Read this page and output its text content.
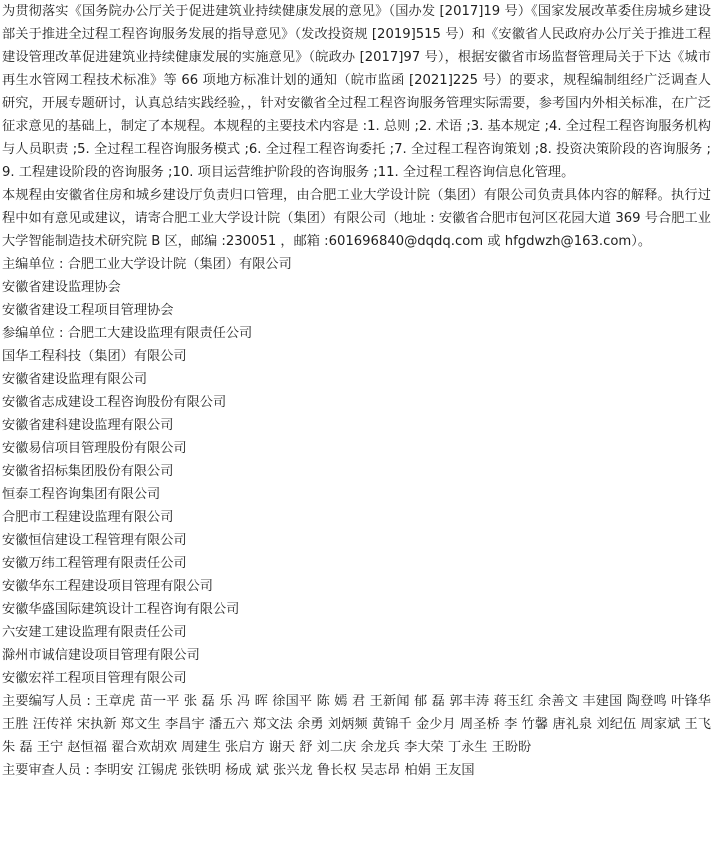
为贯彻落实《国务院办公厅关于促进建筑业持续健康发展的意见》（国办发 [2017]19 号）《国家发展改革委住房城乡建设部关于推进全过程工程咨询服务发展的指导意见》（发改投资规 [2019]515 号）和《安徽省人民政府办公厅关于推进工程建设管理改革促进建筑业持续健康发展的实施意见》（皖政办 [2017]97 号），根据安徽省市场监督管理局关于下达《城市再生水管网工程技术标准》等 66 项地方标准计划的通知（皖市监函 [2021]225 号）的要求，规程编制组经广泛调查人研究，开展专题研讨，认真总结实践经验，，针对安徽省全过程工程咨询服务管理实际需要，参考国内外相关标准，在广泛征求意见的基础上，制定了本规程。本规程的主要技术内容是 :1. 总则 ;2. 术语 ;3. 基本规定 ;4. 全过程工程咨询服务机构与人员职责 ;5. 全过程工程咨询服务模式 ;6. 全过程工程咨询委托 ;7. 全过程工程咨询策划 ;8. 投资决策阶段的咨询服务 ;9. 工程建设阶段的咨询服务 ;10. 项目运营维护阶段的咨询服务 ;11. 全过程工程咨询信息化管理。

本规程由安徽省住房和城乡建设厅负责归口管理，由合肥工业大学设计院（集团）有限公司负责具体内容的解释。执行过程中如有意见或建议，请寄合肥工业大学设计院（集团）有限公司（地址 : 安徽省合肥市包河区花园大道 369 号合肥工业大学智能制造技术研究院 B 区，邮编 :230051 ，邮箱 :601696840@dqdq.com 或 hfgdwzh@163.com）。

主编单位 : 合肥工业大学设计院（集团）有限公司

安徽省建设监理协会
安徽省建设工程项目管理协会

参编单位 : 合肥工大建设监理有限责任公司

国华工程科技（集团）有限公司
安徽省建设监理有限公司
安徽省志成建设工程咨询股份有限公司
安徽省建科建设监理有限公司
安徽易信项目管理股份有限公司
安徽省招标集团股份有限公司
恒泰工程咨询集团有限公司
合肥市工程建设监理有限公司
安徽恒信建设工程管理有限公司
安徽万纬工程管理有限责任公司
安徽华东工程建设项目管理有限公司
安徽华盛国际建筑设计工程咨询有限公司
六安建工建设监理有限责任公司
滁州市诚信建设项目管理有限公司
安徽宏祥工程项目管理有限公司

主要编写人员 : 王章虎 苗一平 张 磊 乐 冯 晖 徐国平 陈 嫣 君 王新闻 郁 磊 郭丰涛 蒋玉红 余善文 丰建国 陶登鸣 叶锋华 王胜 汪传祥 宋执新 郑文生 李昌宇 潘五六 郑文法 余勇 刘炳频 黄锦千 金少月 周圣桥 李 竹馨 唐礼泉 刘纪伍 周家斌 王飞 朱 磊 王宁 赵恒福 翟合欢胡欢 周建生 张启方 谢天 舒 刘二庆 余龙兵 李大荣 丁永生 王盼盼

主要审查人员 : 李明安 江锡虎 张铁明 杨成 斌 张兴龙 鲁长权 吴志昂 柏娟 王友国
